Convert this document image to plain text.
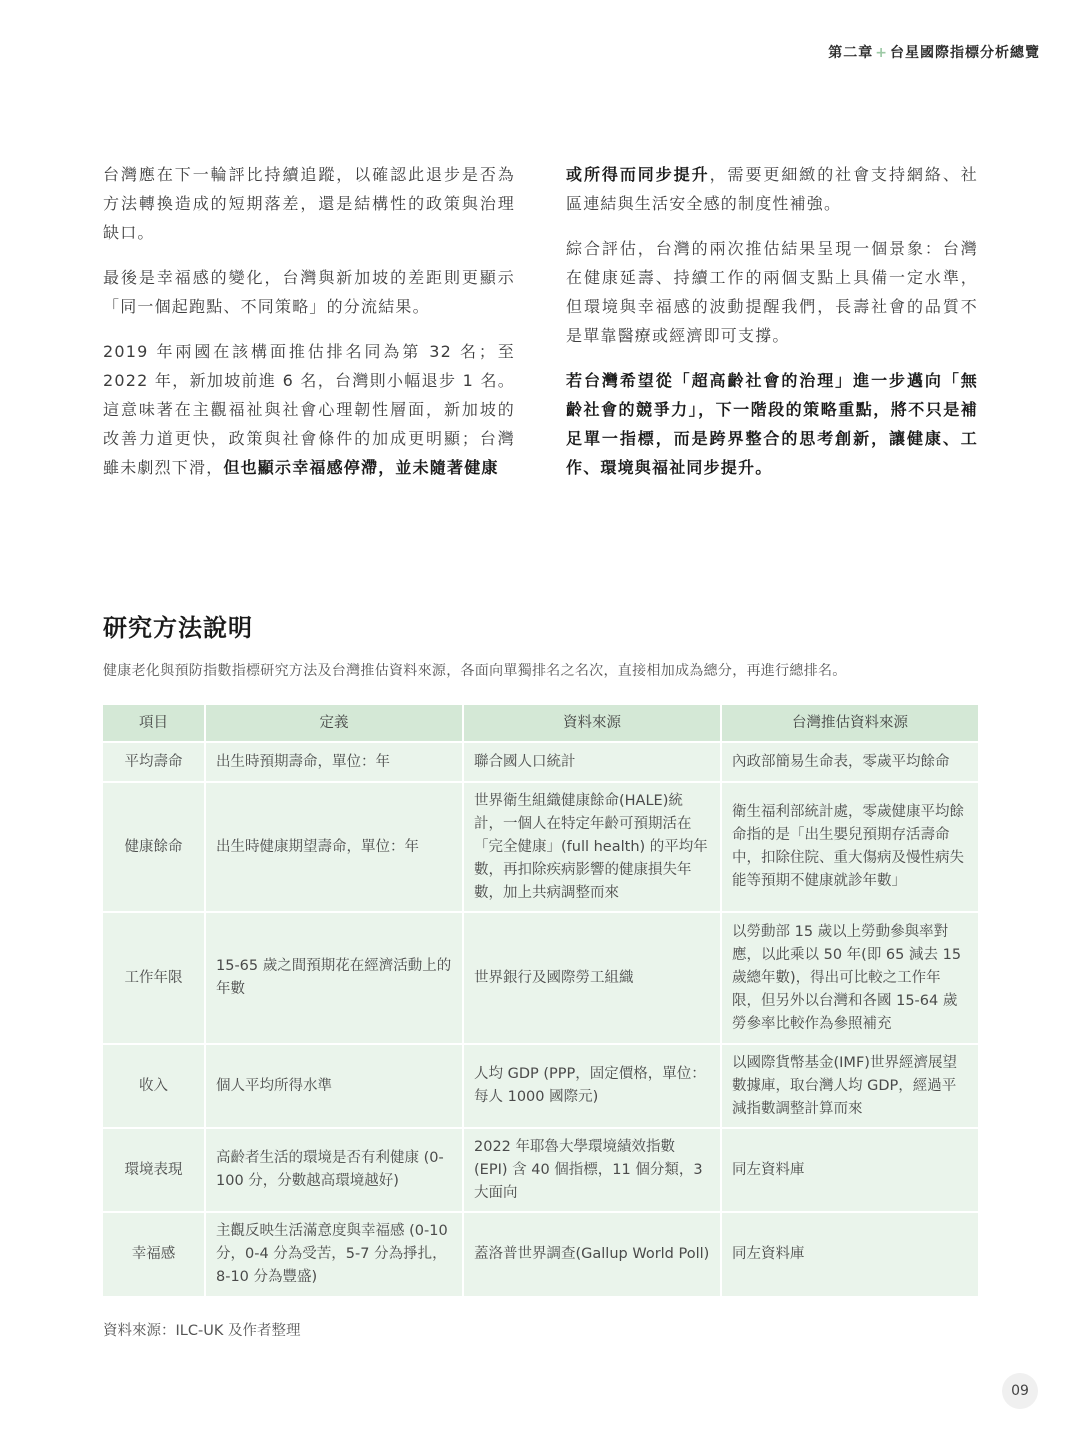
第二章 + 台星國際指標分析總覽

台灣應在下一輪評比持續追蹤，以確認此退步是否為方法轉換造成的短期落差，還是結構性的政策與治理缺口。

最後是幸福感的變化，台灣與新加坡的差距則更顯示「同一個起跑點、不同策略」的分流結果。

2019 年兩國在該構面推估排名同為第 32 名；至 2022 年，新加坡前進 6 名，台灣則小幅退步 1 名。這意味著在主觀福祉與社會心理韌性層面，新加坡的改善力道更快，政策與社會條件的加成更明顯；台灣雖未劇烈下滑，但也顯示幸福感停滯，並未隨著健康

或所得而同步提升，需要更細緻的社會支持網絡、社區連結與生活安全感的制度性補強。

綜合評估，台灣的兩次推估結果呈現一個景象：台灣在健康延壽、持續工作的兩個支點上具備一定水準，但環境與幸福感的波動提醒我們，長壽社會的品質不是單靠醫療或經濟即可支撐。

若台灣希望從「超高齡社會的治理」進一步邁向「無齡社會的競爭力」，下一階段的策略重點，將不只是補足單一指標，而是跨界整合的思考創新，讓健康、工作、環境與福祉同步提升。

研究方法說明
健康老化與預防指數指標研究方法及台灣推估資料來源，各面向單獨排名之名次，直接相加成為總分，再進行總排名。
項目	定義	資料來源	台灣推估資料來源
平均壽命	出生時預期壽命，單位：年	聯合國人口統計	內政部簡易生命表，零歲平均餘命
健康餘命	出生時健康期望壽命，單位：年	世界衛生組織健康餘命(HALE)統計，一個人在特定年齡可預期活在「完全健康」(full health) 的平均年數，再扣除疾病影響的健康損失年數，加上共病調整而來	衛生福利部統計處，零歲健康平均餘命指的是「出生嬰兒預期存活壽命中，扣除住院、重大傷病及慢性病失能等預期不健康就診年數」
工作年限	15-65 歲之間預期花在經濟活動上的年數	世界銀行及國際勞工組織	以勞動部 15 歲以上勞動參與率對應，以此乘以 50 年(即 65 減去 15 歲總年數)，得出可比較之工作年限，但另外以台灣和各國 15-64 歲勞參率比較作為參照補充
收入	個人平均所得水準	人均 GDP (PPP，固定價格，單位：每人 1000 國際元)	以國際貨幣基金(IMF)世界經濟展望數據庫，取台灣人均 GDP，經過平減指數調整計算而來
環境表現	高齡者生活的環境是否有利健康 (0-100 分，分數越高環境越好)	2022 年耶魯大學環境績效指數 (EPI) 含 40 個指標，11 個分類，3 大面向	同左資料庫
幸福感	主觀反映生活滿意度與幸福感 (0-10 分，0-4 分為受苦，5-7 分為掙扎，8-10 分為豐盛)	蓋洛普世界調查(Gallup World Poll)	同左資料庫
資料來源：ILC-UK 及作者整理
09
